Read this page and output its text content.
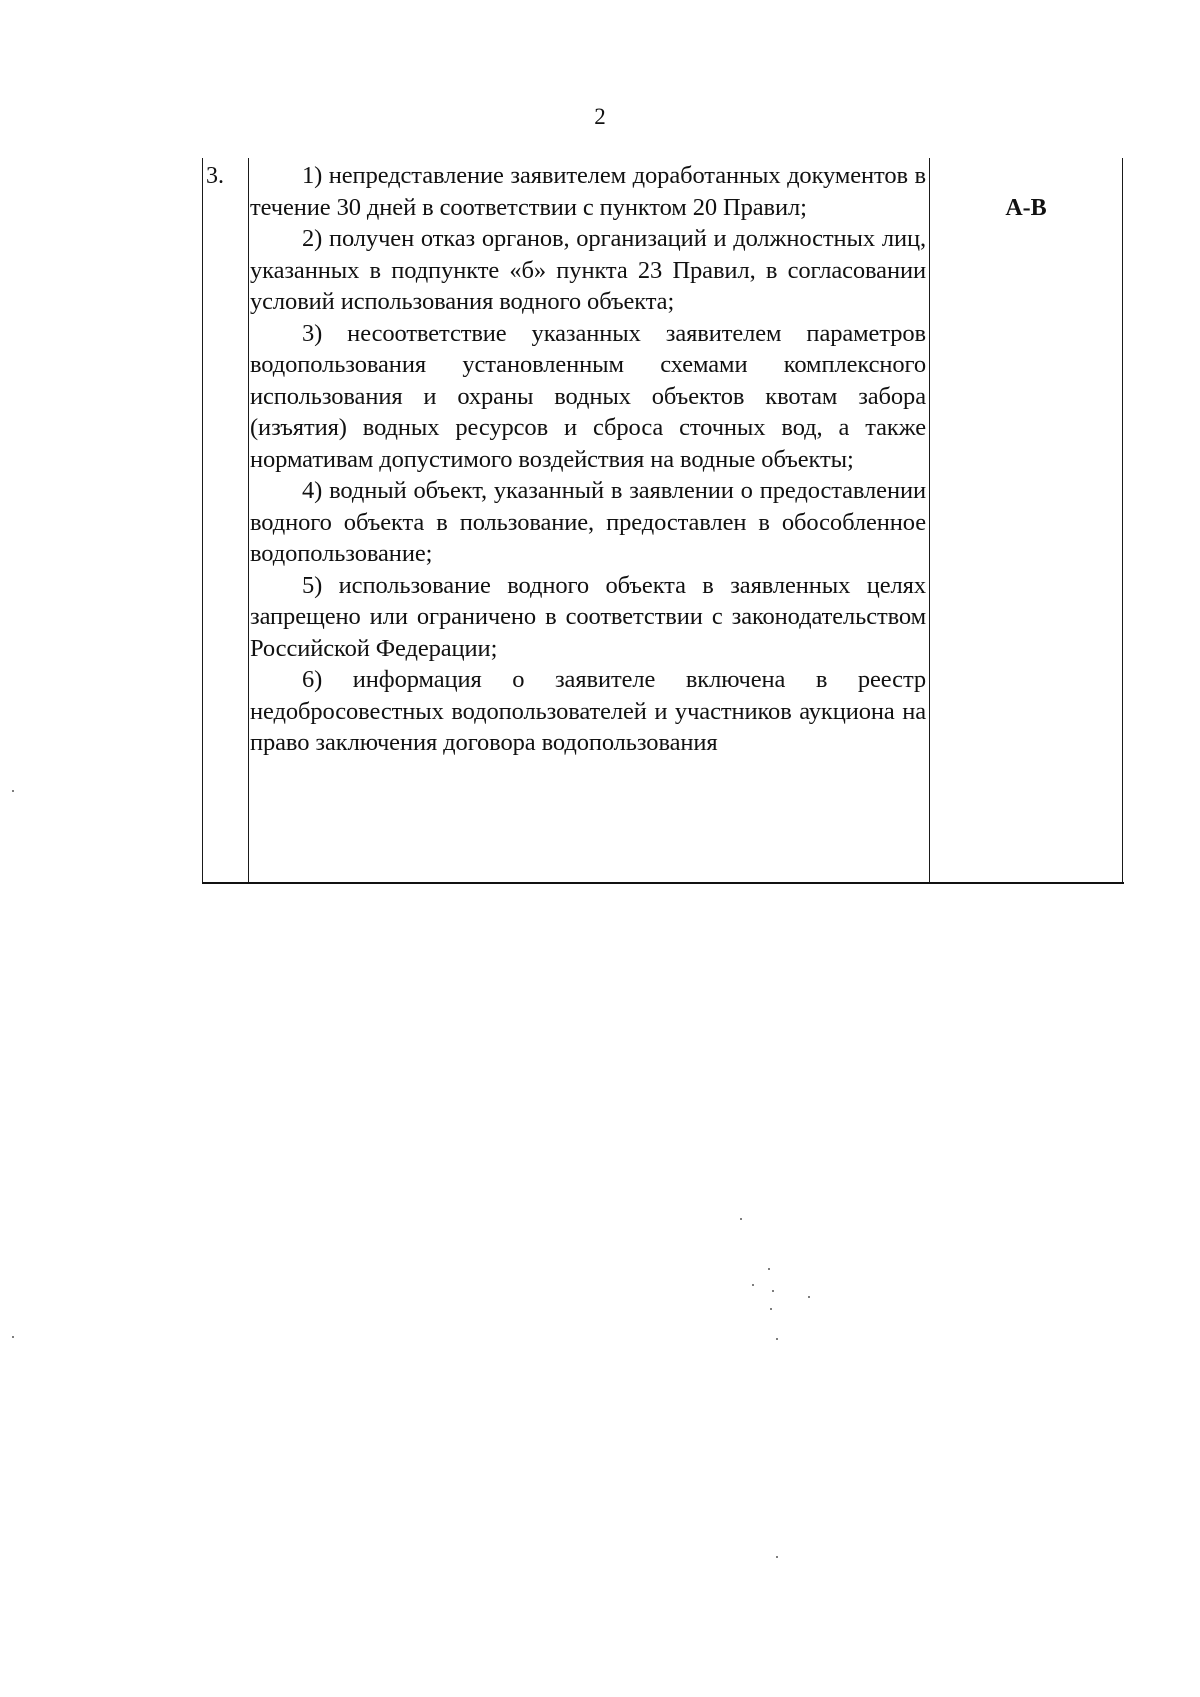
2
3.	1) непредставление заявителем доработанных документов в течение 30 дней в соответствии с пунктом 20 Правил;

2) получен отказ органов, организаций и должностных лиц, указанных в подпункте «б» пункта 23 Правил, в согласовании условий использования водного объекта;

3) несоответствие указанных заявителем параметров водопользования установленным схемами комплексного использования и охраны водных объектов квотам забора (изъятия) водных ресурсов и сброса сточных вод, а также нормативам допустимого воздействия на водные объекты;

4) водный объект, указанный в заявлении о предоставлении водного объекта в пользование, предоставлен в обособленное водопользование;

5) использование водного объекта в заявленных целях запрещено или ограничено в соответствии с законодательством Российской Федерации;

6) информация о заявителе включена в реестр недобросовестных водопользователей и участников аукциона на право заключения договора водопользования

А-В
